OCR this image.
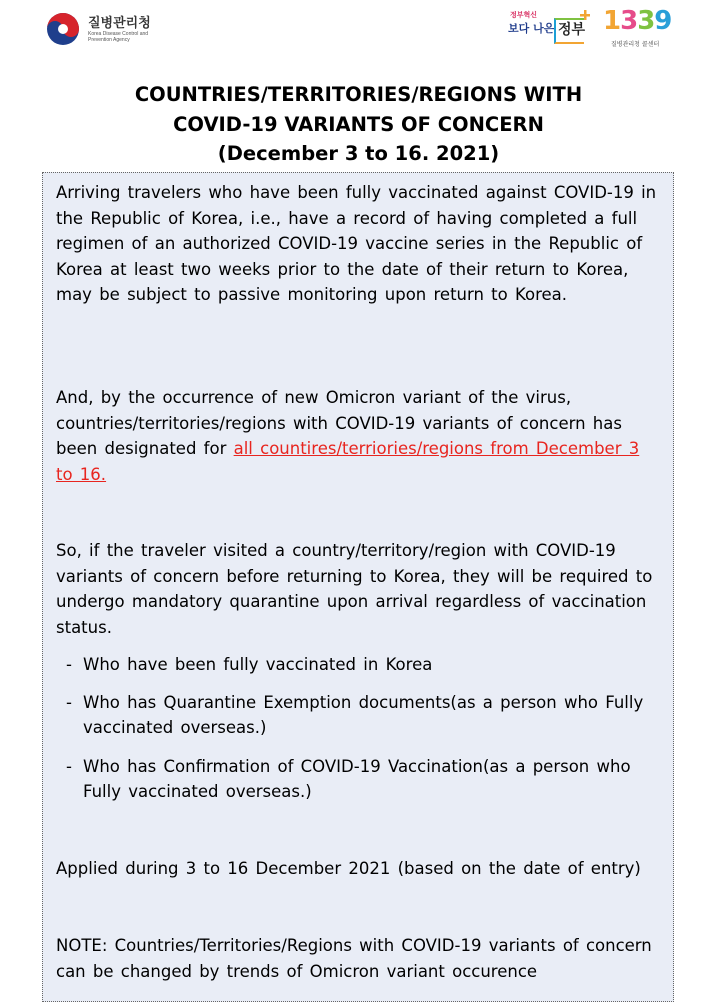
질병관리청
Korea Disease Control and Prevention Agency
정부혁신
보다 나은 정부 1339
질병관리청 콜센터
COUNTRIES/TERRITORIES/REGIONS WITH
COVID-19 VARIANTS OF CONCERN
(December 3 to 16. 2021)
Arriving travelers who have been fully vaccinated against COVID-19 in the Republic of Korea, i.e., have a record of having completed a full regimen of an authorized COVID-19 vaccine series in the Republic of Korea at least two weeks prior to the date of their return to Korea, may be subject to passive monitoring upon return to Korea.
And, by the occurrence of new Omicron variant of the virus, countries/territories/regions with COVID-19 variants of concern has been designated for all countires/terriories/regions from December 3 to 16.
So, if the traveler visited a country/territory/region with COVID-19 variants of concern before returning to Korea, they will be required to undergo mandatory quarantine upon arrival regardless of vaccination status.
- Who have been fully vaccinated in Korea
- Who has Quarantine Exemption documents(as a person who Fully vaccinated overseas.)
- Who has Confirmation of COVID-19 Vaccination(as a person who Fully vaccinated overseas.)
Applied during 3 to 16 December 2021 (based on the date of entry)
NOTE: Countries/Territories/Regions with COVID-19 variants of concern can be changed by trends of Omicron variant occurence
